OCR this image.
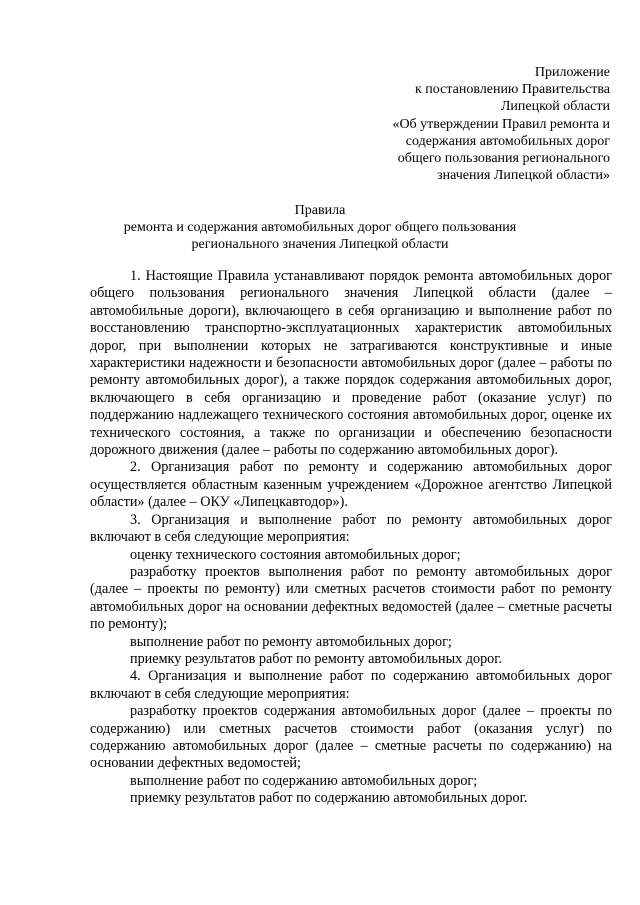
Приложение
к постановлению Правительства
Липецкой области
«Об утверждении Правил ремонта и
содержания автомобильных дорог
общего пользования регионального
значения Липецкой области»
Правила
ремонта и содержания автомобильных дорог общего пользования
регионального значения Липецкой области

1. Настоящие Правила устанавливают порядок ремонта автомобильных дорог общего пользования регионального значения Липецкой области (далее – автомобильные дороги), включающего в себя организацию и выполнение работ по восстановлению транспортно-эксплуатационных характеристик автомобильных дорог, при выполнении которых не затрагиваются конструктивные и иные характеристики надежности и безопасности автомобильных дорог (далее – работы по ремонту автомобильных дорог), а также порядок содержания автомобильных дорог, включающего в себя организацию и проведение работ (оказание услуг) по поддержанию надлежащего технического состояния автомобильных дорог, оценке их технического состояния, а также по организации и обеспечению безопасности дорожного движения (далее – работы по содержанию автомобильных дорог).

2. Организация работ по ремонту и содержанию автомобильных дорог осуществляется областным казенным учреждением «Дорожное агентство Липецкой области» (далее – ОКУ «Липецкавтодор»).

3. Организация и выполнение работ по ремонту автомобильных дорог включают в себя следующие мероприятия:

оценку технического состояния автомобильных дорог;

разработку проектов выполнения работ по ремонту автомобильных дорог (далее – проекты по ремонту) или сметных расчетов стоимости работ по ремонту автомобильных дорог на основании дефектных ведомостей (далее – сметные расчеты по ремонту);

выполнение работ по ремонту автомобильных дорог;

приемку результатов работ по ремонту автомобильных дорог.

4. Организация и выполнение работ по содержанию автомобильных дорог включают в себя следующие мероприятия:

разработку проектов содержания автомобильных дорог (далее – проекты по содержанию) или сметных расчетов стоимости работ (оказания услуг) по содержанию автомобильных дорог (далее – сметные расчеты по содержанию) на основании дефектных ведомостей;

выполнение работ по содержанию автомобильных дорог;

приемку результатов работ по содержанию автомобильных дорог.
